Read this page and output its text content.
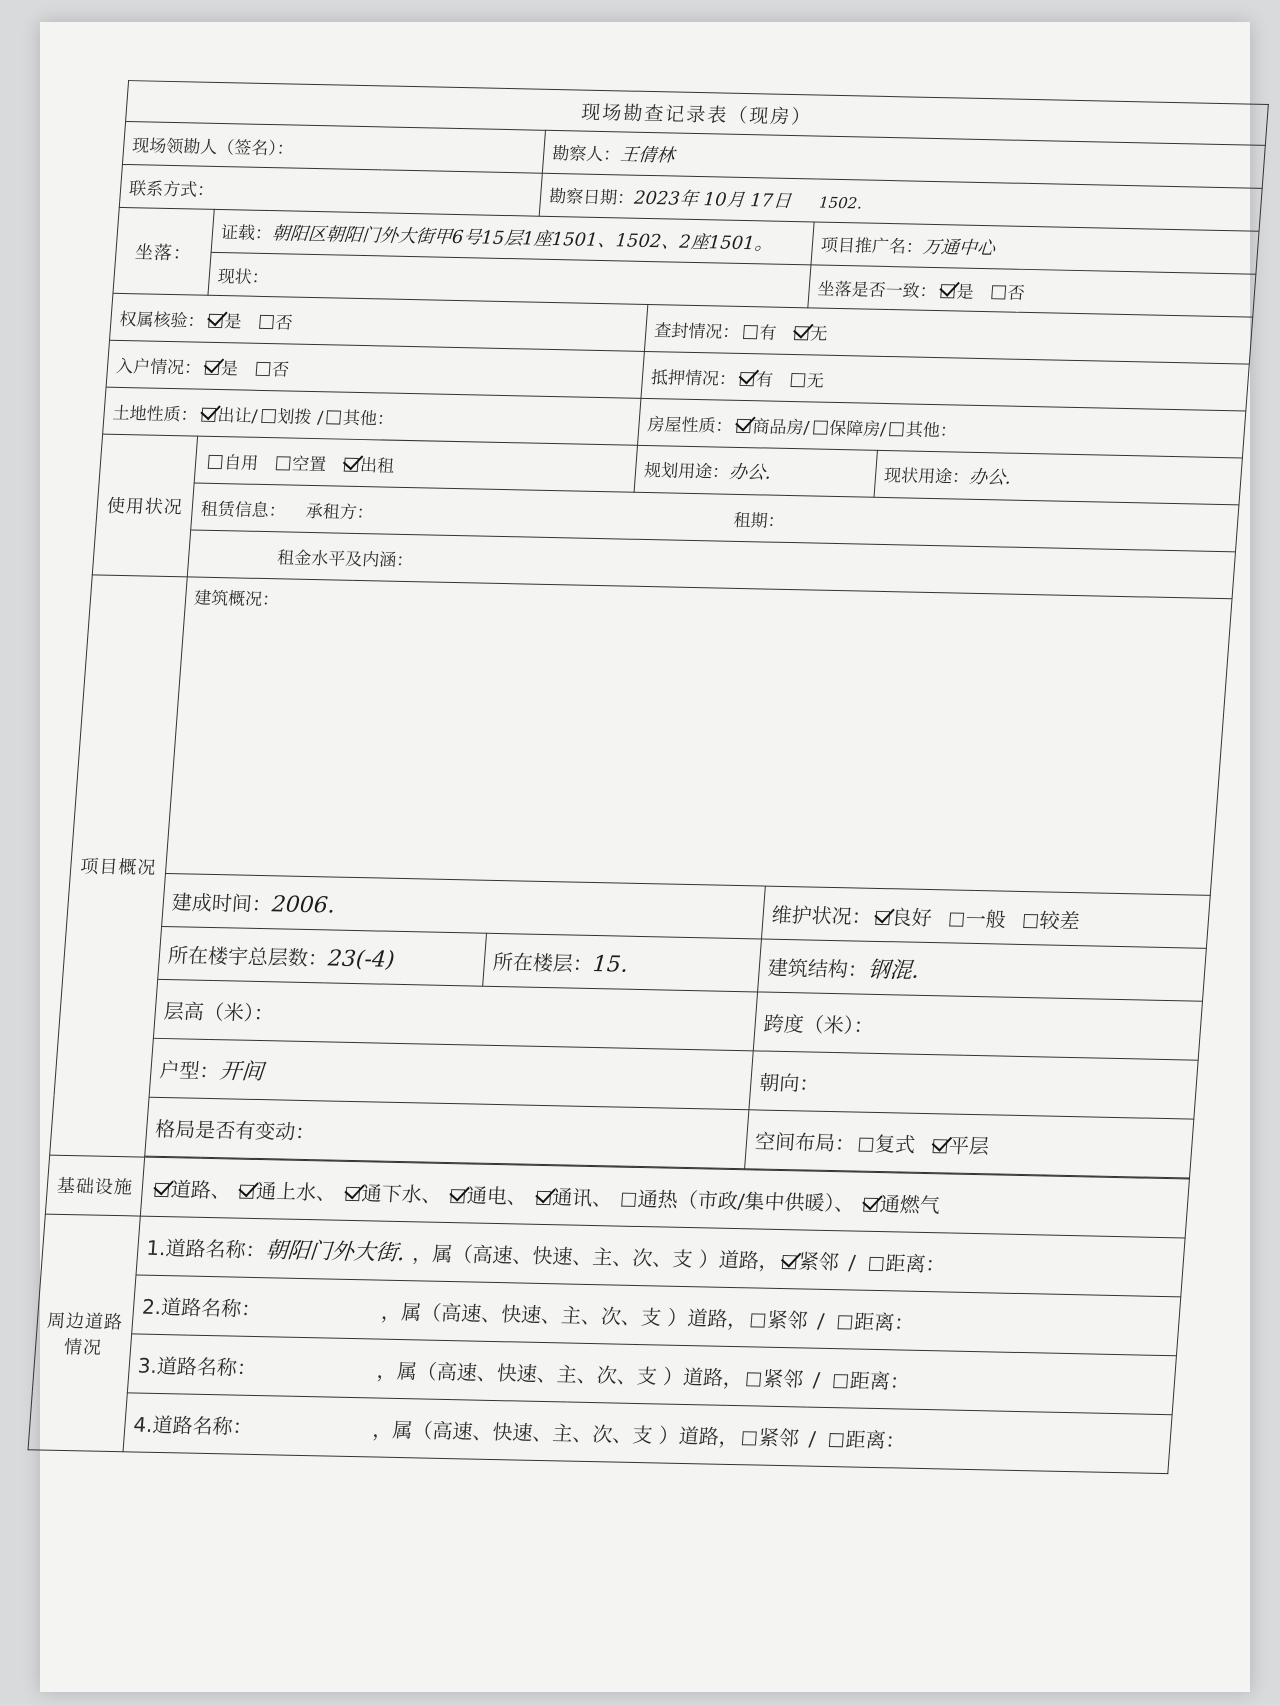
现场勘查记录表（现房）					
现场领勘人（签名）：		勘察人：王倩林			
联系方式：		勘察日期：2023年 10月 17日 1502.			
坐落：	证载：朝阳区朝阳门外大街甲6号15层1座1501、1502、2座1501。			项目推广名：万通中心	
	现状：			坐落是否一致： 是 否	
权属核验： 是 否			查封情况： 有 无		
入户情况： 是 否			抵押情况： 有 无		
土地性质： 出让/ 划拨 / 其他：			房屋性质： 商品房/ 保障房/ 其他：		
使用状况	自用 空置 出租		规划用途：办公.		现状用途：办公.
	租赁信息： 承租方： 租期：				
	租金水平及内涵：				
项目概况	建筑概况：				
	建成时间：2006.			维护状况： 良好 一般 较差	
	所在楼宇总层数：23(-4)	所在楼层：15.		建筑结构：钢混.	
	层高（米）：			跨度（米）：	
	户型：开间			朝向：	
	格局是否有变动：			空间布局： 复式 平层	

基础设施	道路、 通上水、 通下水、 通电、 通讯、 通热（市政/集中供暖）、 通燃气				
周边道路情况	1.道路名称：朝阳门外大街. ，属（高速、快速、主、次、支 ）道路， 紧邻 / 距离：				
	2.道路名称： ，属（高速、快速、主、次、支 ）道路， 紧邻 / 距离：				
	3.道路名称： ，属（高速、快速、主、次、支 ）道路， 紧邻 / 距离：				
	4.道路名称： ，属（高速、快速、主、次、支 ）道路， 紧邻 / 距离：				
